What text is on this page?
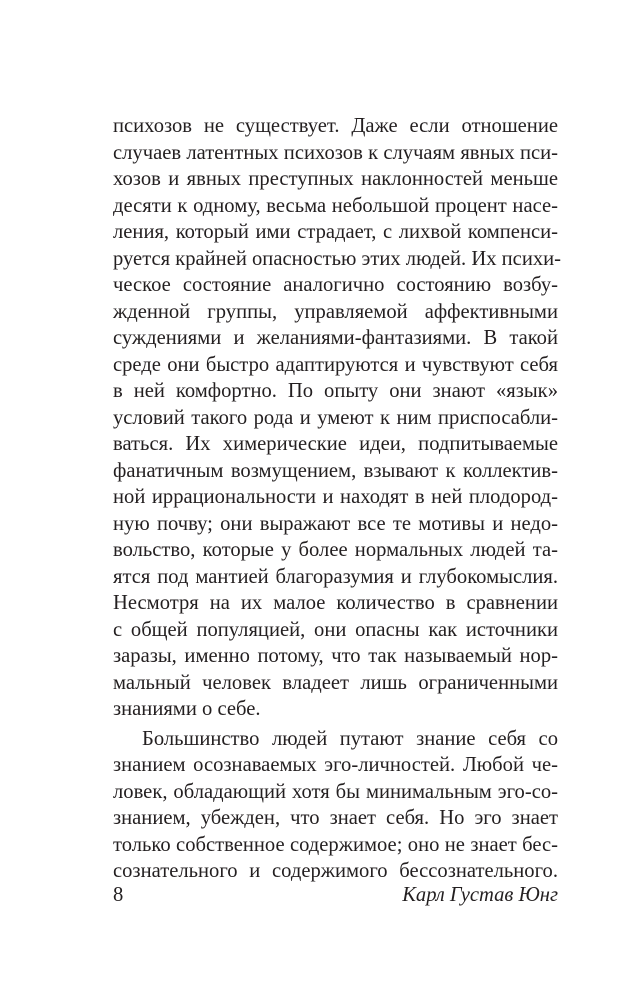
психозов не существует. Даже если отношение
случаев латентных психозов к случаям явных пси-
хозов и явных преступных наклонностей меньше
десяти к одному, весьма небольшой процент насе-
ления, который ими страдает, с лихвой компенси-
руется крайней опасностью этих людей. Их психи-
ческое состояние аналогично состоянию возбу-
жденной группы, управляемой аффективными
суждениями и желаниями-фантазиями. В такой
среде они быстро адаптируются и чувствуют себя
в ней комфортно. По опыту они знают «язык»
условий такого рода и умеют к ним приспосабли-
ваться. Их химерические идеи, подпитываемые
фанатичным возмущением, взывают к коллектив-
ной иррациональности и находят в ней плодород-
ную почву; они выражают все те мотивы и недо-
вольство, которые у более нормальных людей та-
ятся под мантией благоразумия и глубокомыслия.
Несмотря на их малое количество в сравнении
с общей популяцией, они опасны как источники
заразы, именно потому, что так называемый нор-
мальный человек владеет лишь ограниченными
знаниями о себе.
Большинство людей путают знание себя со
знанием осознаваемых эго-личностей. Любой че-
ловек, обладающий хотя бы минимальным эго-со-
знанием, убежден, что знает себя. Но эго знает
только собственное содержимое; оно не знает бес-
сознательного и содержимого бессознательного.
8	Карл Густав Юнг
